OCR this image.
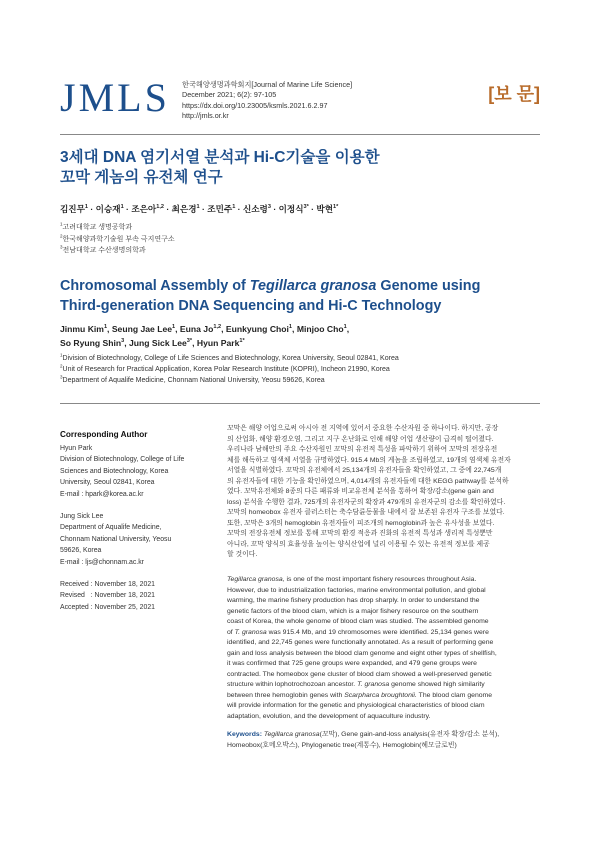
JMLS 한국해양생명과학회지[Journal of Marine Life Science]
December 2021; 6(2): 97-105
https://dx.doi.org/10.23005/ksmls.2021.6.2.97
http://jmls.or.kr
[보 문]
3세대 DNA 염기서열 분석과 Hi-C기술을 이용한
꼬막 게놈의 유전체 연구
김진무$^1$ · 이승재$^1$ · 조은아$^{1,2}$ · 최은경$^1$ · 조민주$^1$ · 신소령$^3$ · 이정식$^{3*}$ · 박현$^{1*}$
$^1$고려대학교 생명공학과
$^2$한국해양과학기술원 부속 극지연구소
$^3$전남대학교 수산생명의학과
Chromosomal Assembly of Tegillarca granosa Genome using
Third-generation DNA Sequencing and Hi-C Technology
Jinmu Kim$^1$, Seung Jae Lee$^1$, Euna Jo$^{1,2}$, Eunkyung Choi$^1$, Minjoo Cho$^1$,
So Ryung Shin$^3$, Jung Sick Lee$^{3*}$, Hyun Park$^{1*}$
$^1$Division of Biotechnology, College of Life Sciences and Biotechnology, Korea University, Seoul 02841, Korea
$^2$Unit of Research for Practical Application, Korea Polar Research Institute (KOPRI), Incheon 21990, Korea
$^3$Department of Aqualife Medicine, Chonnam National University, Yeosu 59626, Korea
Corresponding Author
Hyun Park
Division of Biotechnology, College of Life
Sciences and Biotechnology, Korea
University, Seoul 02841, Korea
E-mail : hpark@korea.ac.kr
Jung Sick Lee
Department of Aqualife Medicine,
Chonnam National University, Yeosu
59626, Korea
E-mail : ljs@chonnam.ac.kr
Received : November 18, 2021
Revised   : November 18, 2021
Accepted : November 25, 2021
꼬막은 해양 어업으로써 아시아 전 지역에 있어서 중요한 수산자원 중 하나이다. 하지만, 공장
의 산업화, 해양 환경오염, 그리고 지구 온난화로 인해 해양 어업 생산량이 급격히 떨어졌다.
우리나라 남해안의 주요 수산자원인 꼬막의 유전적 특성을 파악하기 위하여 꼬막의 전장유전
체를 해독하고 염색체 서열을 규명하였다. 915.4 Mb의 게놈을 조립하였고, 19개의 염색체 유전자
서열을 식별하였다. 꼬막의 유전체에서 25,134개의 유전자들을 확인하였고, 그 중에 22,745개
의 유전자들에 대한 기능을 확인하였으며, 4,014개의 유전자들에 대한 KEGG pathway를 분석하
였다. 꼬막유전체와 8종의 다른 패류와 비교유전체 분석을 통하여 확장/감소(gene gain and
loss) 분석을 수행한 결과, 725개의 유전자군의 확장과 479개의 유전자군의 감소를 확인하였다.
꼬막의 homeobox 유전자 클러스터는 축수담륜동물을 내에서 잘 보존된 유전자 구조를 보였다.
또한, 꼬막은 3개의 hemoglobin 유전자들이 피조개의 hemoglobin과 높은 유사성을 보였다.
꼬막의 전장유전체 정보를 통해 꼬막의 환경 적응과 진화의 유전적 특성과 생리적 특성뿐만
아니라, 꼬막 양식의 효율성을 높이는 양식산업에 널리 이용될 수 있는 유전적 정보를 제공
할 것이다.
Tegillarca granosa, is one of the most important fishery resources throughout Asia.
However, due to industrialization factories, marine environmental pollution, and global
warming, the marine fishery production has drop sharply. In order to understand the
genetic factors of the blood clam, which is a major fishery resource on the southern
coast of Korea, the whole genome of blood clam was studied. The assembled genome
of T. granosa was 915.4 Mb, and 19 chromosomes were identified. 25,134 genes were
identified, and 22,745 genes were functionally annotated. As a result of performing gene
gain and loss analysis between the blood clam genome and eight other types of shellfish,
it was confirmed that 725 gene groups were expanded, and 479 gene groups were
contracted. The homeobox gene cluster of blood clam showed a well-preserved genetic
structure within lophotrochozoan ancestor. T. granosa genome showed high similarity
between three hemoglobin genes with Scarpharca broughtonii. The blood clam genome
will provide information for the genetic and physiological characteristics of blood clam
adaptation, evolution, and the development of aquaculture industry.
Keywords: Tegillarca granosa(꼬막), Gene gain-and-loss analysis(유전자 확장/감소 분석),
Homeobox(호메오박스), Phylogenetic tree(계통수), Hemoglobin(헤모글로빈)
